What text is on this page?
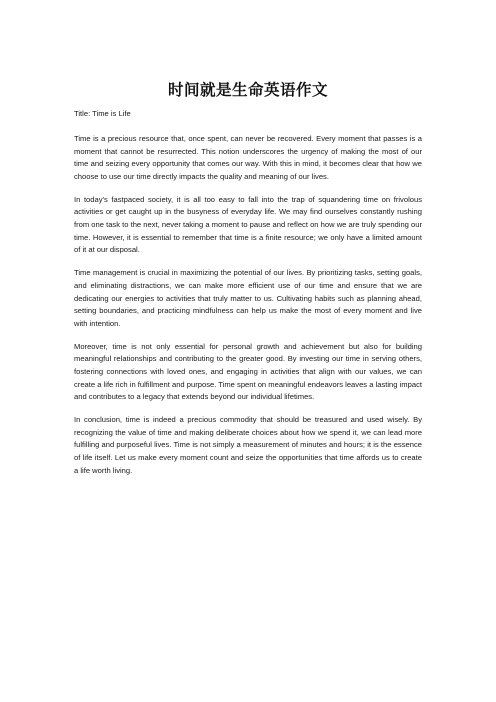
时间就是生命英语作文

Title: Time is Life

Time is a precious resource that, once spent, can never be recovered. Every moment that passes is a moment that cannot be resurrected. This notion underscores the urgency of making the most of our time and seizing every opportunity that comes our way. With this in mind, it becomes clear that how we choose to use our time directly impacts the quality and meaning of our lives.

In today's fastpaced society, it is all too easy to fall into the trap of squandering time on frivolous activities or get caught up in the busyness of everyday life. We may find ourselves constantly rushing from one task to the next, never taking a moment to pause and reflect on how we are truly spending our time. However, it is essential to remember that time is a finite resource; we only have a limited amount of it at our disposal.

Time management is crucial in maximizing the potential of our lives. By prioritizing tasks, setting goals, and eliminating distractions, we can make more efficient use of our time and ensure that we are dedicating our energies to activities that truly matter to us. Cultivating habits such as planning ahead, setting boundaries, and practicing mindfulness can help us make the most of every moment and live with intention.

Moreover, time is not only essential for personal growth and achievement but also for building meaningful relationships and contributing to the greater good. By investing our time in serving others, fostering connections with loved ones, and engaging in activities that align with our values, we can create a life rich in fulfillment and purpose. Time spent on meaningful endeavors leaves a lasting impact and contributes to a legacy that extends beyond our individual lifetimes.

In conclusion, time is indeed a precious commodity that should be treasured and used wisely. By recognizing the value of time and making deliberate choices about how we spend it, we can lead more fulfilling and purposeful lives. Time is not simply a measurement of minutes and hours; it is the essence of life itself. Let us make every moment count and seize the opportunities that time affords us to create a life worth living.
